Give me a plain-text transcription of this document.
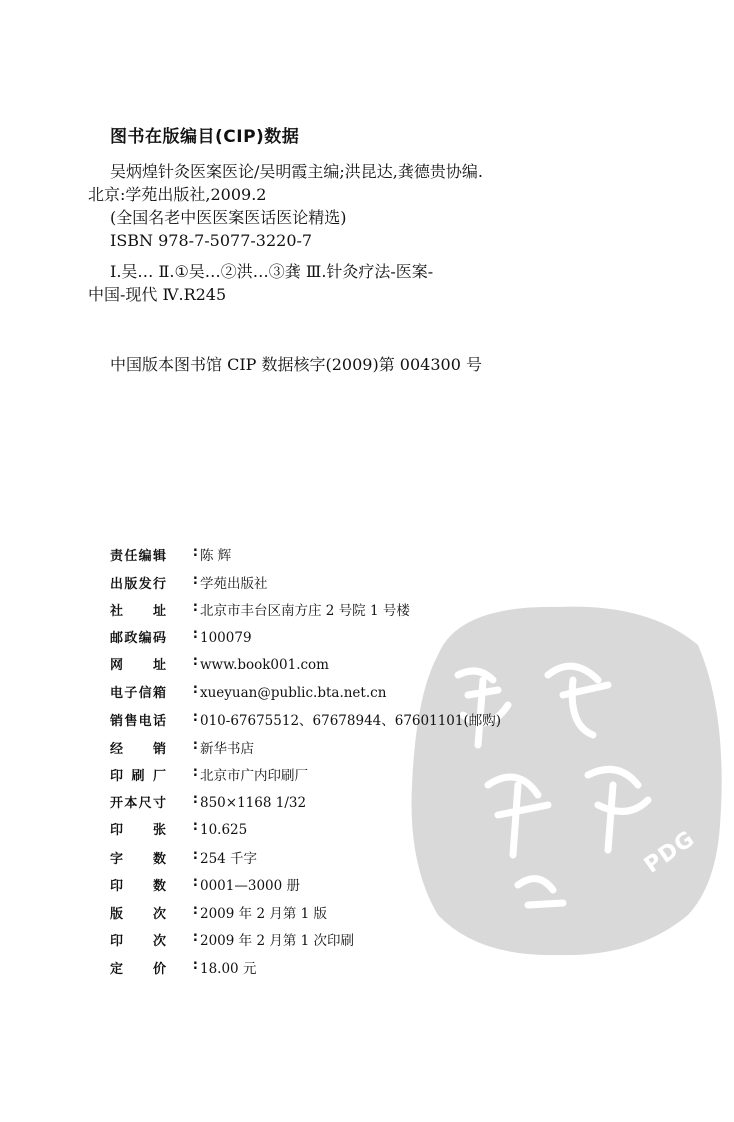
图书在版编目(CIP)数据
吴炳煌针灸医案医论/吴明霞主编;洪昆达,龚德贵协编.
北京:学苑出版社,2009.2
(全国名老中医医案医话医论精选)
ISBN 978-7-5077-3220-7
Ⅰ.吴… Ⅱ.①吴…②洪…③龚 Ⅲ.针灸疗法-医案-
中国-现代 Ⅳ.R245
中国版本图书馆 CIP 数据核字(2009)第 004300 号
PDG
责 任 编 辑 : 陈 辉
出 版 发 行 : 学苑出版社
社 址 : 北京市丰台区南方庄 2 号院 1 号楼
邮 政 编 码 : 100079
网 址 : www.book001.com
电 子 信 箱 : xueyuan@public.bta.net.cn
销 售 电 话 : 010-67675512、67678944、67601101(邮购)
经 销 : 新华书店
印 刷 厂 : 北京市广内印刷厂
开 本 尺 寸 : 850×1168 1/32
印 张 : 10.625
字 数 : 254 千字
印 数 : 0001—3000 册
版 次 : 2009 年 2 月第 1 版
印 次 : 2009 年 2 月第 1 次印刷
定 价 : 18.00 元
